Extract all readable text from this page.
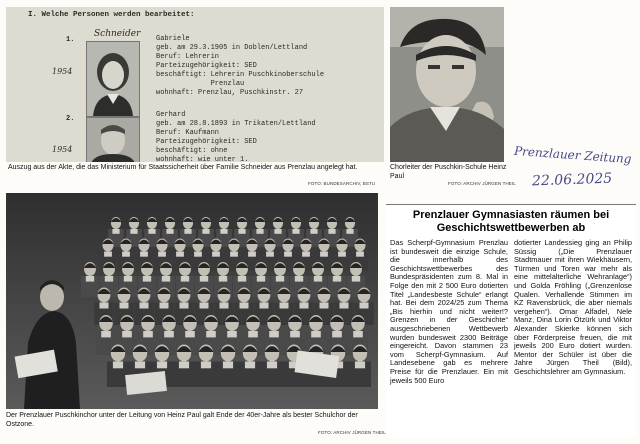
I. Welche Personen werden bearbeitet:
1.
Schneider
1954
Gabriele
geb. am 29.3.1905 in Doblen/Lettland
Beruf: Lehrerin
Parteizugehörigkeit: SED
beschäftigt: Lehrerin Puschkinoberschule
Prenzlau
wohnhaft: Prenzlau, Puschkinstr. 27
2.
1954
Gerhard
geb. am 28.8.1893 in Trikaten/Lettland
Beruf: Kaufmann
Parteizugehörigkeit: SED
beschäftigt: ohne
wohnhaft: wie unter 1.
Auszug aus der Akte, die das Ministerium für Staatssicherheit über Familie Schneider aus Prenzlau angelegt hat.
FOTO: BUNDESARCHIV, BSTU
Chorleiter der Puschkin-Schule Heinz Paul
FOTO: ARCHIV JÜRGEN THEIL
Prenzlauer Zeitung
22.06.2025
Der Prenzlauer Puschkinchor unter der Leitung von Heinz Paul galt Ende der 40er-Jahre als bester Schulchor der Ostzone.
FOTO: ARCHIV JÜRGEN THEIL
Prenzlauer Gymnasiasten räumen bei Geschichtswettbewerben ab
Das Scherpf-Gymnasium Prenzlau ist bundesweit die einzige Schule, die innerhalb des Geschichtswettbewerbes des Bundespräsidenten zum 8. Mal in Folge den mit 2 500 Euro dotierten Titel „Landesbeste Schule“ erlangt hat. Bei dem 2024/25 zum Thema „Bis hierhin und nicht weiter!? Grenzen in der Geschichte“ ausgeschriebenen Wettbewerb wurden bundesweit 2300 Beiträge eingereicht. Davon stammen 23 vom Scherpf-Gymnasium. Auf Landesebene gab es mehrere Preise für die Prenzlauer. Ein mit jeweils 500 Euro
dotierter Landessieg ging an Philip Süssig („Die Prenzlauer Stadtmauer mit ihren Wiekhäusern, Türmen und Toren war mehr als eine mittelalterliche Wehranlage“) und Golda Fröhling („Grenzenlose Qualen. Verhallende Stimmen im KZ Ravensbrück, die aber niemals vergehen“). Omar Alfadel, Nele Manz, Dina Lorin Ötzürk und Viktor Alexander Skierke können sich über Förderpreise freuen, die mit jeweils 200 Euro dotiert wurden. Mentor der Schüler ist über die Jahre Jürgen Theil (Bild), Geschichtslehrer am Gymnasium.
